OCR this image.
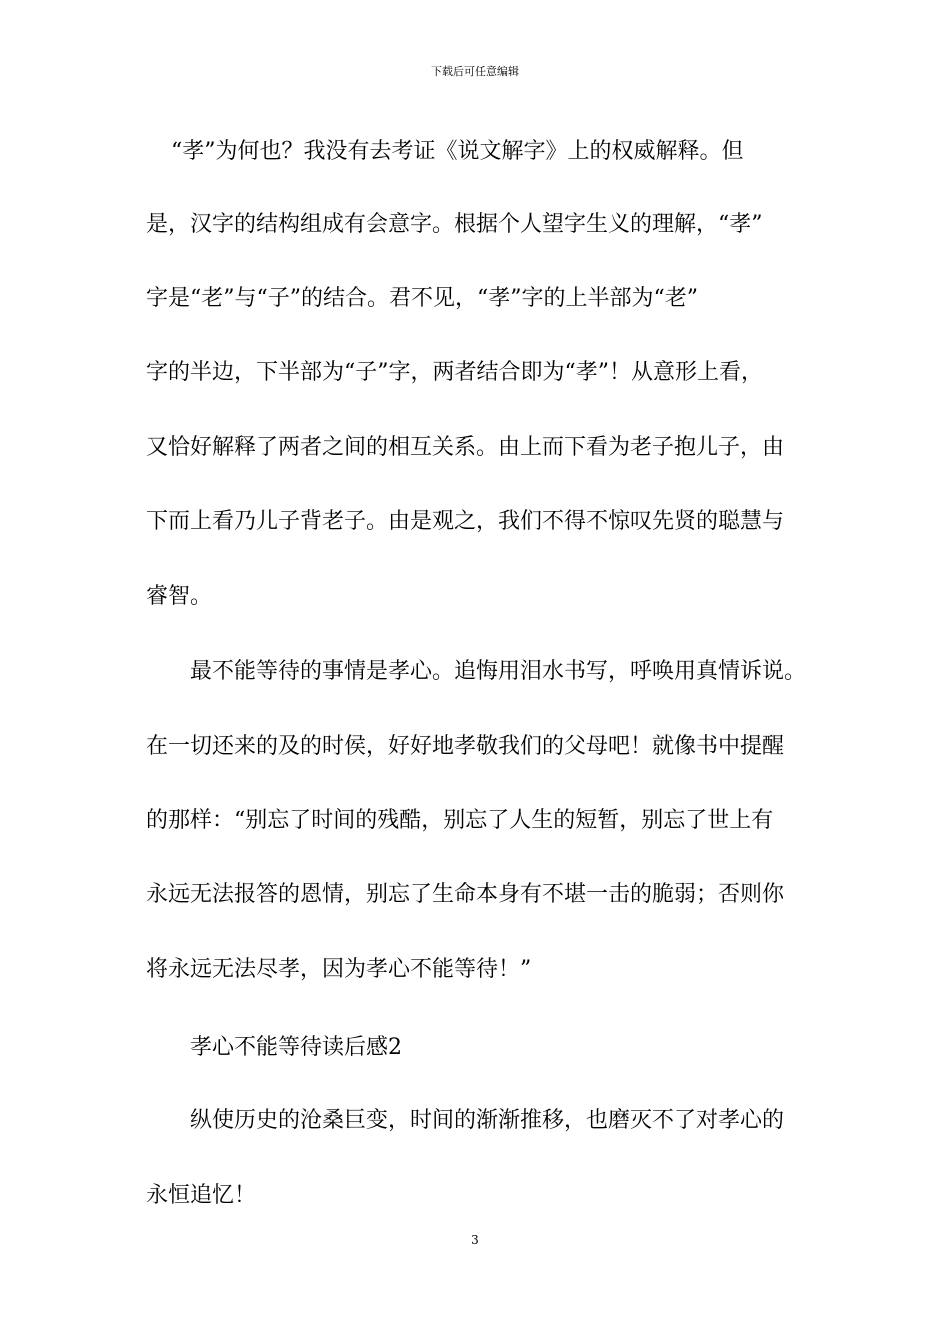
下载后可任意编辑
“孝”为何也？我没有去考证《说文解字》上的权威解释。但
是，汉字的结构组成有会意字。根据个人望字生义的理解，“孝”
字是“老”与“子”的结合。君不见，“孝”字的上半部为“老”
字的半边，下半部为“子”字，两者结合即为“孝”！从意形上看，
又恰好解释了两者之间的相互关系。由上而下看为老子抱儿子，由
下而上看乃儿子背老子。由是观之，我们不得不惊叹先贤的聪慧与
睿智。
最不能等待的事情是孝心。追悔用泪水书写，呼唤用真情诉说。
在一切还来的及的时侯，好好地孝敬我们的父母吧！就像书中提醒
的那样：“别忘了时间的残酷，别忘了人生的短暂，别忘了世上有
永远无法报答的恩情，别忘了生命本身有不堪一击的脆弱；否则你
将永远无法尽孝，因为孝心不能等待！”
孝心不能等待读后感2
纵使历史的沧桑巨变，时间的渐渐推移，也磨灭不了对孝心的
永恒追忆！
3
